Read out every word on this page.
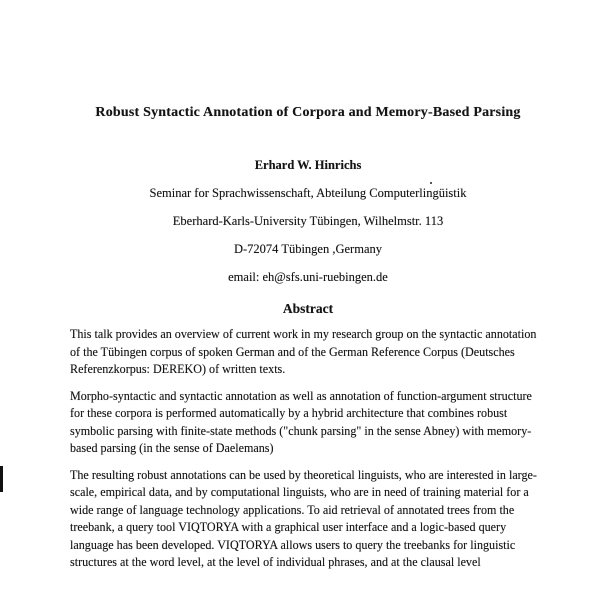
Robust Syntactic Annotation of Corpora and Memory-Based Parsing
Erhard W. Hinrichs
Seminar for Sprachwissenschaft, Abteilung Computerlingüistik
Eberhard-Karls-University Tübingen, Wilhelmstr. 113
D-72074 Tübingen ,Germany
email: eh@sfs.uni-ruebingen.de
Abstract

This talk provides an overview of current work in my research group on the syntactic annotation of the Tübingen corpus of spoken German and of the German Reference Corpus (Deutsches Referenzkorpus: DEREKO) of written texts.

Morpho-syntactic and syntactic annotation as well as annotation of function-argument structure for these corpora is performed automatically by a hybrid architecture that combines robust symbolic parsing with finite-state methods ("chunk parsing" in the sense Abney) with memory-based parsing (in the sense of Daelemans)

The resulting robust annotations can be used by theoretical linguists, who are interested in large-scale, empirical data, and by computational linguists, who are in need of training material for a wide range of language technology applications. To aid retrieval of annotated trees from the treebank, a query tool VIQTORYA with a graphical user interface and a logic-based query language has been developed. VIQTORYA allows users to query the treebanks for linguistic structures at the word level, at the level of individual phrases, and at the clausal level
